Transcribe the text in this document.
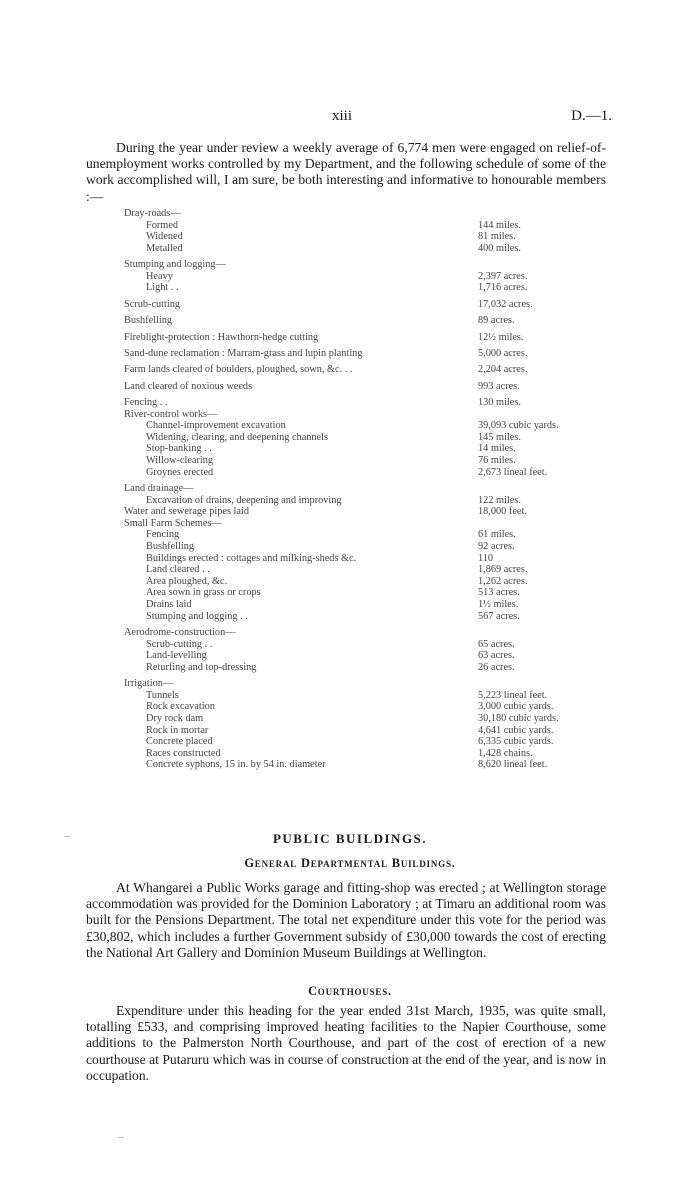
xiii	D.—1.

During the year under review a weekly average of 6,774 men were engaged on relief-of-unemployment works controlled by my Department, and the following schedule of some of the work accomplished will, I am sure, be both interesting and informative to honourable members :—

Dray-roads—
Formed	144 miles.
Widened	81 miles.
Metalled	400 miles.
Stumping and logging—
Heavy	2,397 acres.
Light . .	1,716 acres.
Scrub-cutting	17,032 acres.
Bushfelling	89 acres.
Fireblight-protection : Hawthorn-hedge cutting	12½ miles.
Sand-dune reclamation : Marram-grass and lupin planting	5,000 acres.
Farm lands cleared of boulders, ploughed, sown, &c. . .	2,204 acres.
Land cleared of noxious weeds	993 acres.
Fencing . .	130 miles.
River-control works—
Channel-improvement excavation	39,093 cubic yards.
Widening, clearing, and deepening channels	145 miles.
Stop-banking . .	14 miles.
Willow-clearing	76 miles.
Groynes erected	2,673 lineal feet.
Land drainage—
Excavation of drains, deepening and improving	122 miles.
Water and sewerage pipes laid	18,000 feet.
Small Farm Schemes—
Fencing	61 miles.
Bushfelling	92 acres.
Buildings erected : cottages and milking-sheds &c.	110
Land cleared . .	1,869 acres.
Area ploughed, &c.	1,262 acres.
Area sown in grass or crops	513 acres.
Drains laid	1½ miles.
Stumping and logging . .	567 acres.
Aerodrome-construction—
Scrub-cutting . .	65 acres.
Land-levelling	63 acres.
Returfing and top-dressing	26 acres.
Irrigation—
Tunnels	5,223 lineal feet.
Rock excavation	3,000 cubic yards.
Dry rock dam	30,180 cubic yards.
Rock in mortar	4,641 cubic yards.
Concrete placed	6,335 cubic yards.
Races constructed	1,428 chains.
Concrete syphons, 15 in. by 54 in. diameter	8,620 lineal feet.
PUBLIC BUILDINGS.
General Departmental Buildings.

At Whangarei a Public Works garage and fitting-shop was erected ; at Wellington storage accommodation was provided for the Dominion Laboratory ; at Timaru an additional room was built for the Pensions Department. The total net expenditure under this vote for the period was £30,802, which includes a further Government subsidy of £30,000 towards the cost of erecting the National Art Gallery and Dominion Museum Buildings at Wellington.

Courthouses.

Expenditure under this heading for the year ended 31st March, 1935, was quite small, totalling £533, and comprising improved heating facilities to the Napier Courthouse, some additions to the Palmerston North Courthouse, and part of the cost of erection of a new courthouse at Putaruru which was in course of construction at the end of the year, and is now in occupation.
